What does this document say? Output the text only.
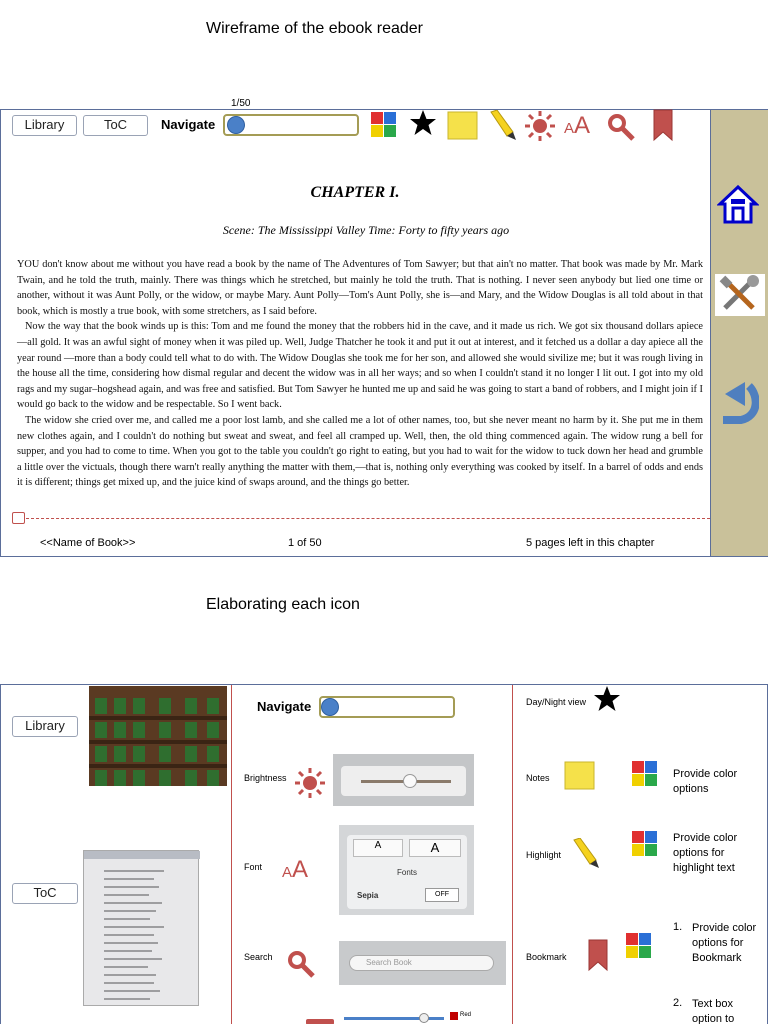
Wireframe of the ebook reader
1/50
Library	ToC	Navigate	AA
CHAPTER I.
Scene: The Mississippi Valley Time: Forty to fifty years ago

YOU don't know about me without you have read a book by the name of The Adventures of Tom Sawyer; but that ain't no matter. That book was made by Mr. Mark Twain, and he told the truth, mainly. There was things which he stretched, but mainly he told the truth. That is nothing. I never seen anybody but lied one time or another, without it was Aunt Polly, or the widow, or maybe Mary. Aunt Polly—Tom's Aunt Polly, she is—and Mary, and the Widow Douglas is all told about in that book, which is mostly a true book, with some stretchers, as I said before.

Now the way that the book winds up is this: Tom and me found the money that the robbers hid in the cave, and it made us rich. We got six thousand dollars apiece—all gold. It was an awful sight of money when it was piled up. Well, Judge Thatcher he took it and put it out at interest, and it fetched us a dollar a day apiece all the year round —more than a body could tell what to do with. The Widow Douglas she took me for her son, and allowed she would sivilize me; but it was rough living in the house all the time, considering how dismal regular and decent the widow was in all her ways; and so when I couldn't stand it no longer I lit out. I got into my old rags and my sugar–hogshead again, and was free and satisfied. But Tom Sawyer he hunted me up and said he was going to start a band of robbers, and I might join if I would go back to the widow and be respectable. So I went back.

The widow she cried over me, and called me a poor lost lamb, and she called me a lot of other names, too, but she never meant no harm by it. She put me in them new clothes again, and I couldn't do nothing but sweat and sweat, and feel all cramped up. Well, then, the old thing commenced again. The widow rung a bell for supper, and you had to come to time. When you got to the table you couldn't go right to eating, but you had to wait for the widow to tuck down her head and grumble a little over the victuals, though there warn't really anything the matter with them,—that is, nothing only everything was cooked by itself. In a barrel of odds and ends it is different; things get mixed up, and the juice kind of swaps around, and the things go better.

<<Name of Book>>	1 of 50	5 pages left in this chapter
Elaborating each icon
Library
ToC
Navigate
Brightness
Font AA
A	A
Fonts
Sepia	OFF
Search
Search Book
Red
Day/Night view
Notes	Provide color options
Highlight
Provide color options for highlight text
Bookmark
1. Provide color options for Bookmark
2. Text box option to
